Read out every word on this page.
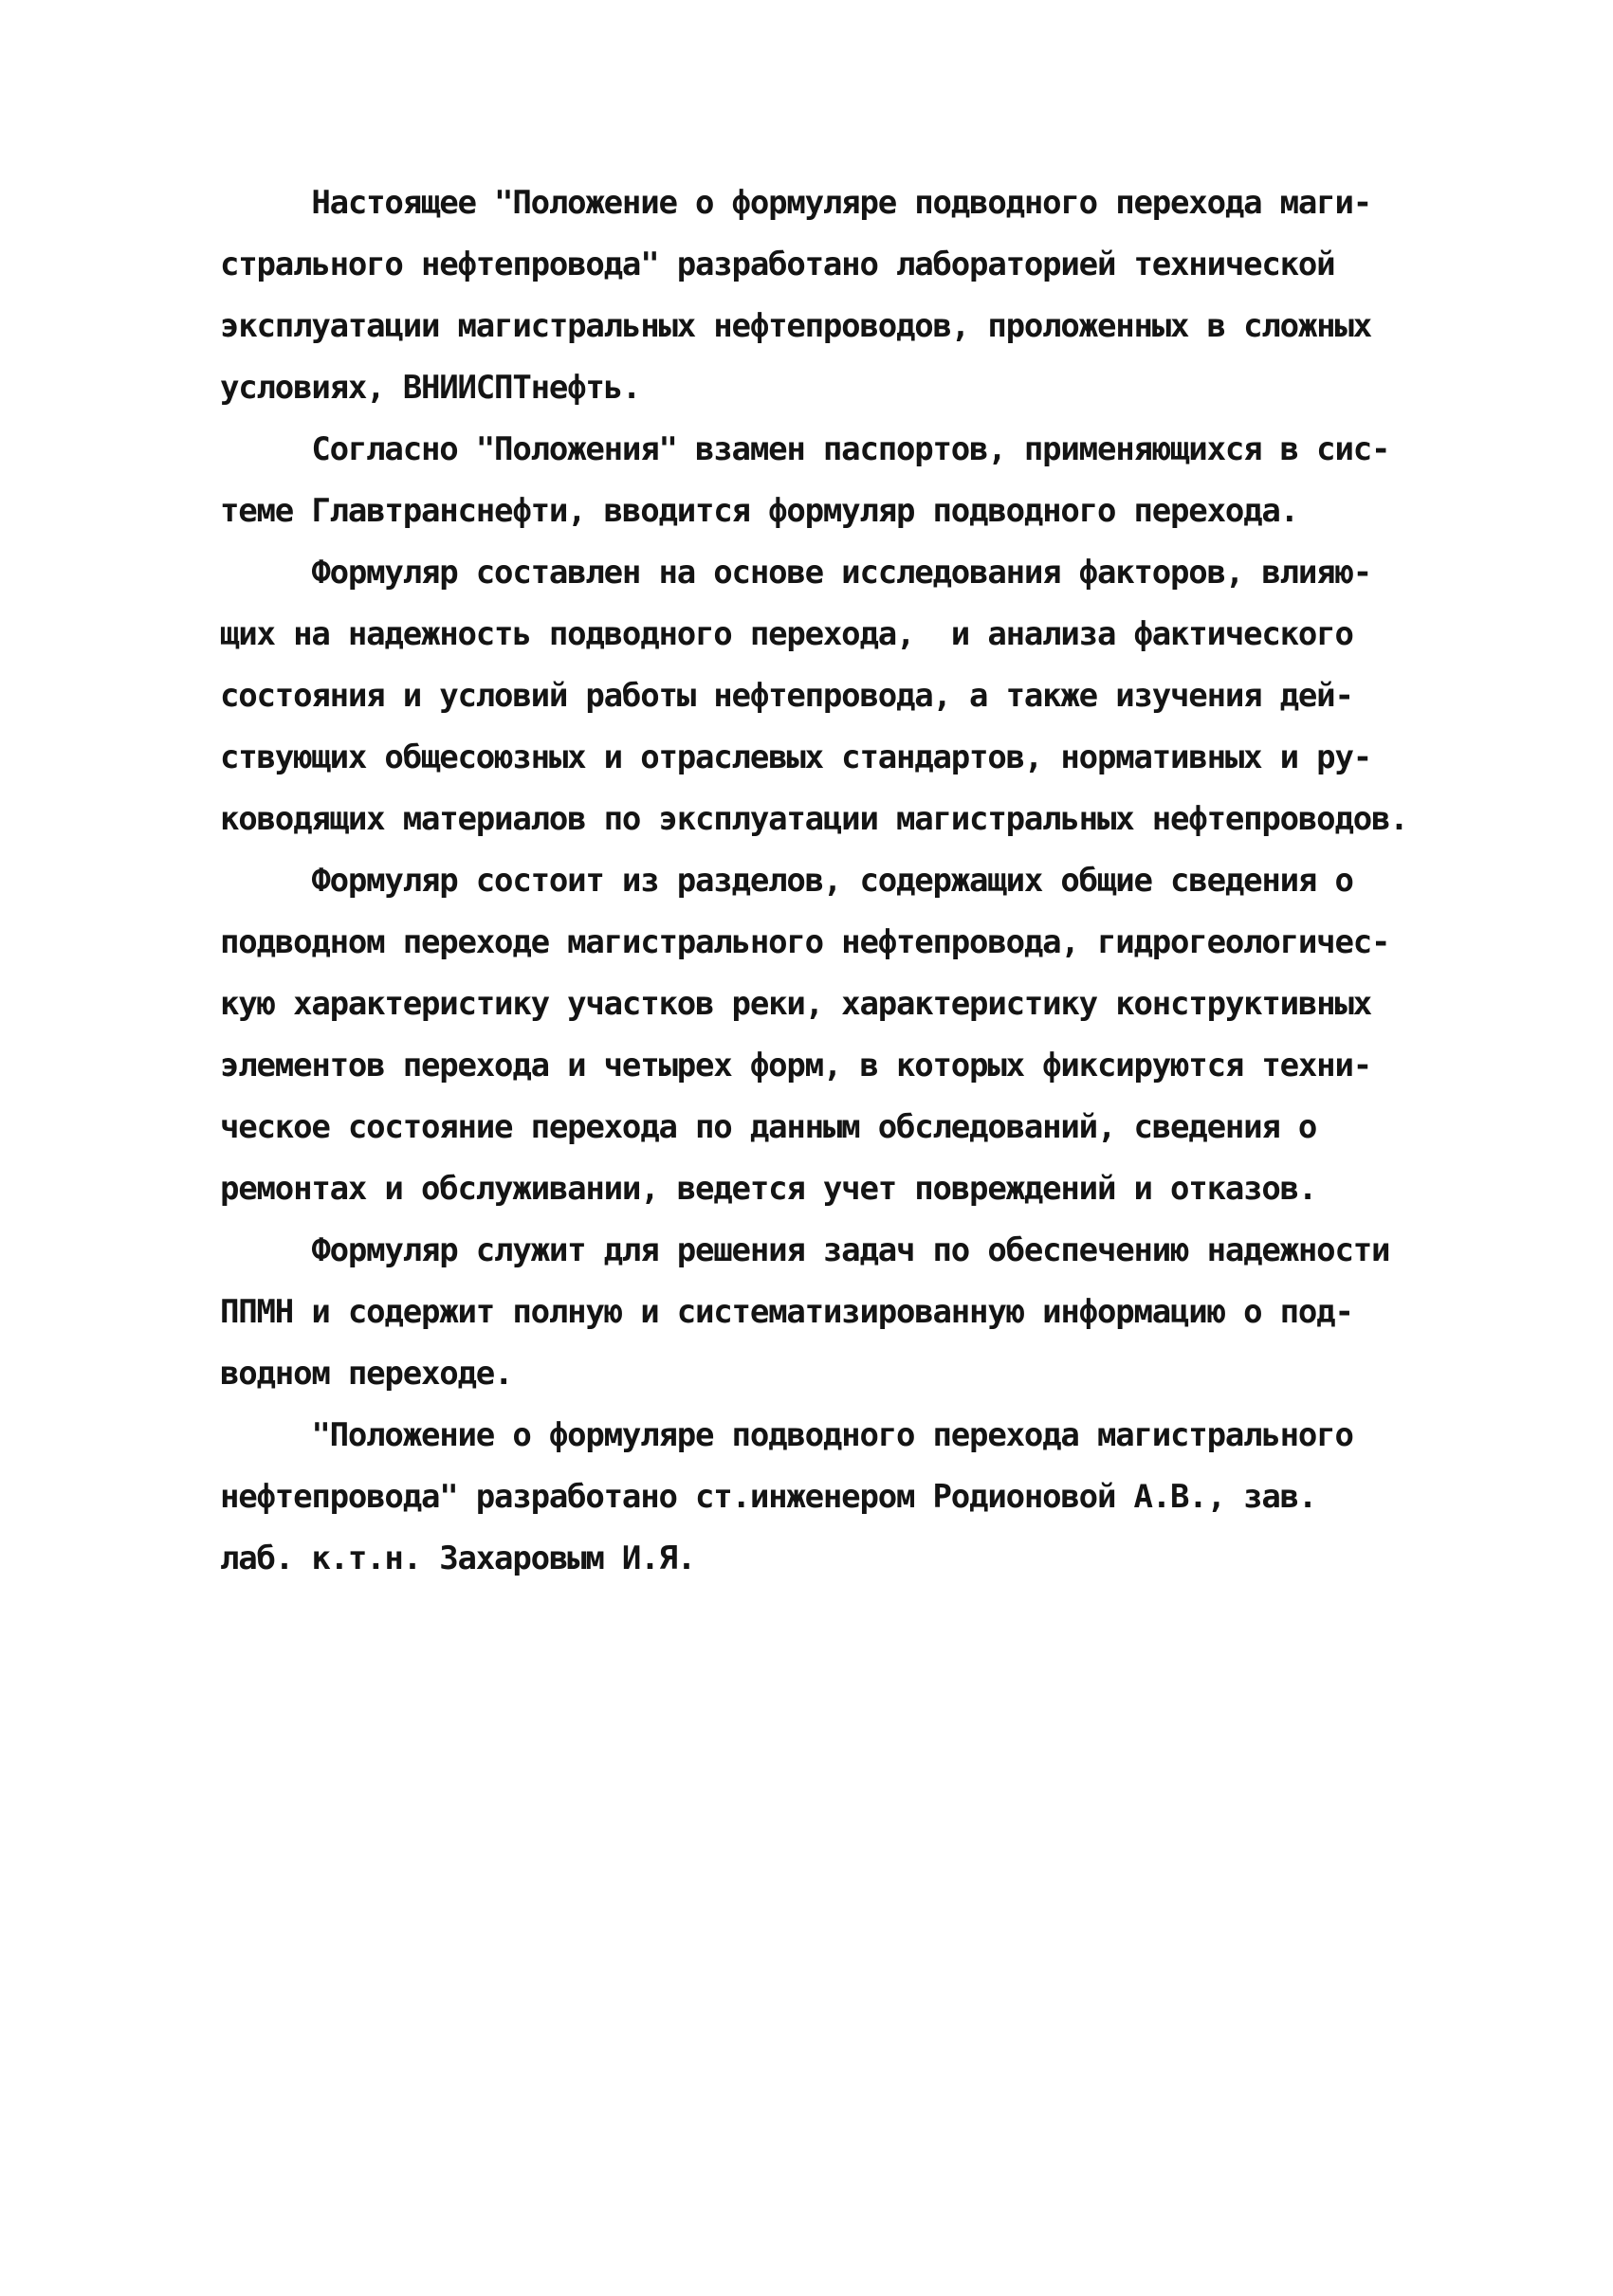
Настоящее "Положение о формуляре подводного перехода маги-
стрального нефтепровода" разработано лабораторией технической
эксплуатации магистральных нефтепроводов, проложенных в сложных
условиях, ВНИИСПТнефть.
Согласно "Положения" взамен паспортов, применяющихся в сис-
теме Главтранснефти, вводится формуляр подводного перехода.
Формуляр составлен на основе исследования факторов, влияю-
щих на надежность подводного перехода,  и анализа фактического
состояния и условий работы нефтепровода, а также изучения дей-
ствующих общесоюзных и отраслевых стандартов, нормативных и ру-
ководящих материалов по эксплуатации магистральных нефтепроводов.
Формуляр состоит из разделов, содержащих общие сведения о
подводном переходе магистрального нефтепровода, гидрогеологичес-
кую характеристику участков реки, характеристику конструктивных
элементов перехода и четырех форм, в которых фиксируются техни-
ческое состояние перехода по данным обследований, сведения о
ремонтах и обслуживании, ведется учет повреждений и отказов.
Формуляр служит для решения задач по обеспечению надежности
ППМН и содержит полную и систематизированную информацию о под-
водном переходе.
"Положение о формуляре подводного перехода магистрального
нефтепровода" разработано ст.инженером Родионовой А.В., зав.
лаб. к.т.н. Захаровым И.Я.
